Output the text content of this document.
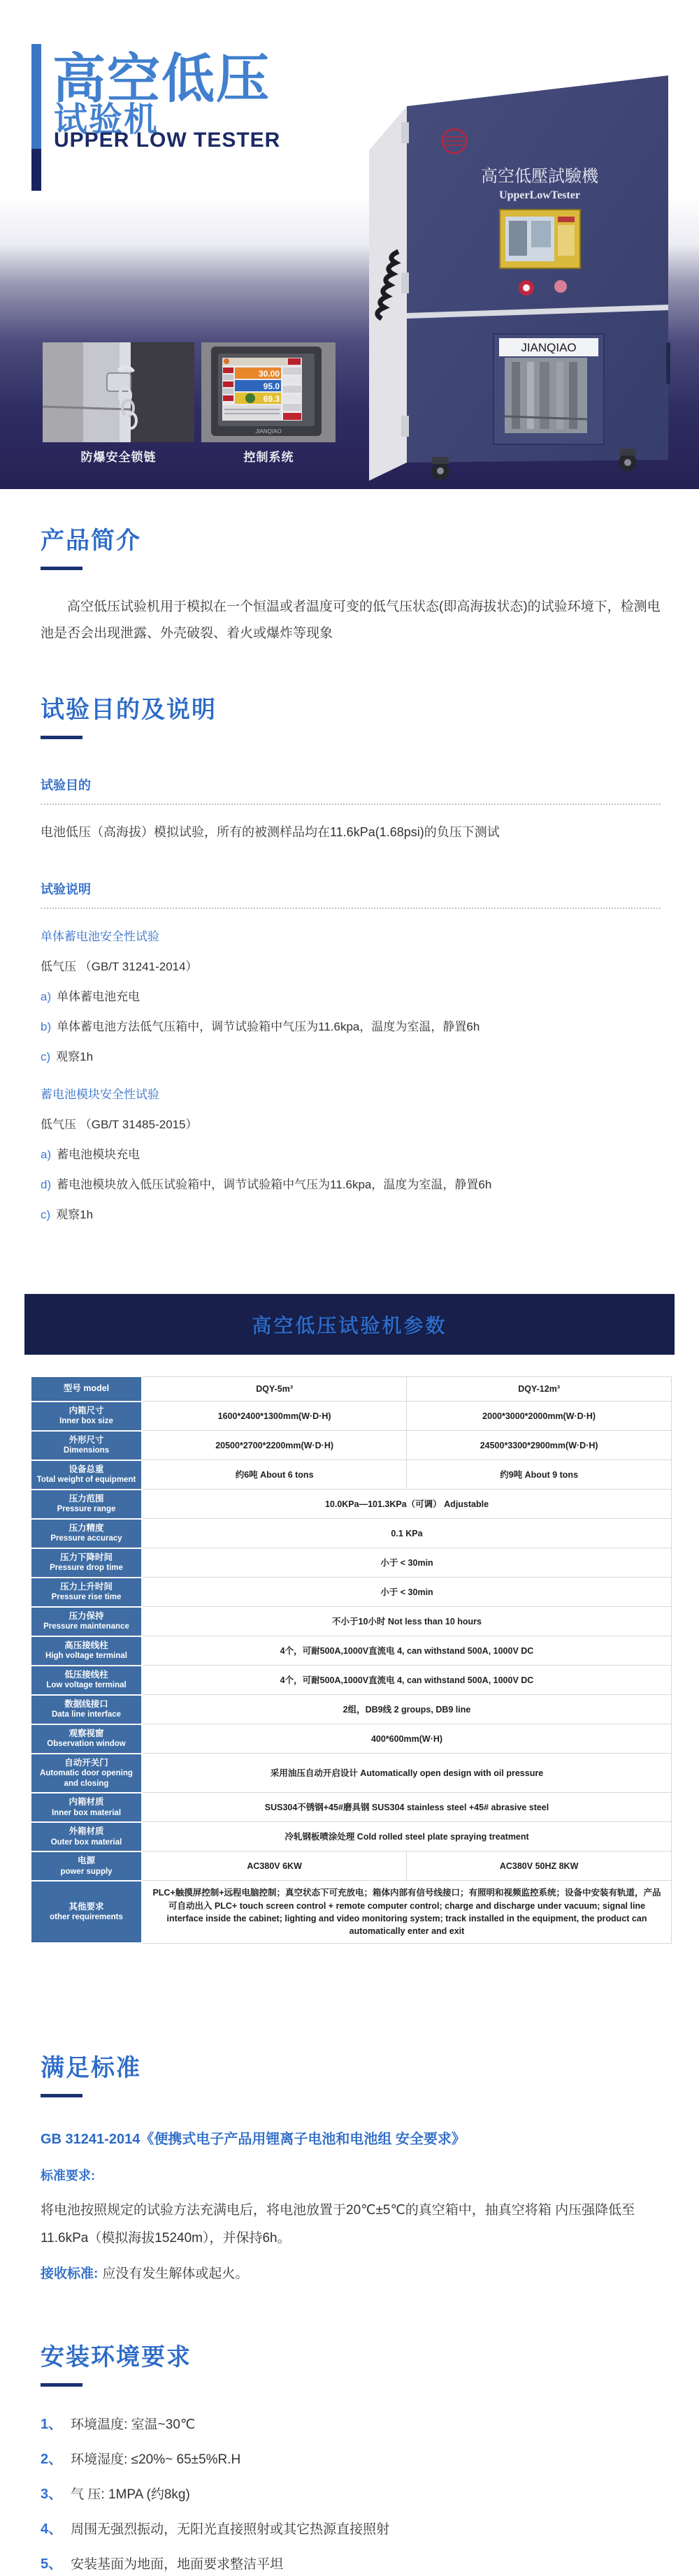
高空低压
试验机
UPPER LOW TESTER
高空低壓試驗機
UpperLowTester
JIANQIAO
30.00
95.0
69.3
JIANQIAO
防爆安全锁链	控制系统
产品简介

高空低压试验机用于模拟在一个恒温或者温度可变的低气压状态(即高海拔状态)的试验环境下，检测电池是否会出现泄露、外壳破裂、着火或爆炸等现象

试验目的及说明
试验目的

电池低压（高海拔）模拟试验，所有的被测样品均在11.6kPa(1.68psi)的负压下测试

试验说明
单体蓄电池安全性试验
低气压 （GB/T 31241-2014）
a) 单体蓄电池充电
b) 单体蓄电池方法低气压箱中，调节试验箱中气压为11.6kpa，温度为室温，静置6h
c) 观察1h
蓄电池模块安全性试验
低气压 （GB/T 31485-2015）
a) 蓄电池模块充电
d) 蓄电池模块放入低压试验箱中，调节试验箱中气压为11.6kpa，温度为室温，静置6h
c) 观察1h
高空低压试验机参数
型号 model	DQY-5m³	DQY-12m³
内箱尺寸
Inner box size	1600*2400*1300mm(W·D·H)	2000*3000*2000mm(W·D·H)
外形尺寸
Dimensions	20500*2700*2200mm(W·D·H)	24500*3300*2900mm(W·D·H)
设备总重
Total weight of equipment	约6吨 About 6 tons	约9吨 About 9 tons
压力范围
Pressure range	10.0KPa—101.3KPa（可调） Adjustable	
压力精度
Pressure accuracy	0.1 KPa	
压力下降时间
Pressure drop time	小于 < 30min	
压力上升时间
Pressure rise time	小于 < 30min	
压力保持
Pressure maintenance	不小于10小时 Not less than 10 hours	
高压接线柱
High voltage terminal	4个，可耐500A,1000V直流电 4, can withstand 500A, 1000V DC	
低压接线柱
Low voltage terminal	4个，可耐500A,1000V直流电 4, can withstand 500A, 1000V DC	
数据线接口
Data line interface	2组，DB9线 2 groups, DB9 line	
观察视窗
Observation window	400*600mm(W·H)	
自动开关门
Automatic door opening and closing	采用油压自动开启设计 Automatically open design with oil pressure	
内箱材质
Inner box material	SUS304不锈钢+45#磨具钢 SUS304 stainless steel +45# abrasive steel	
外箱材质
Outer box material	冷轧钢板喷涂处理 Cold rolled steel plate spraying treatment	
电源
power supply	AC380V 6KW	AC380V 50HZ 8KW
其他要求
other requirements	PLC+触摸屏控制+远程电脑控制；真空状态下可充放电；箱体内部有信号线接口；有照明和视频监控系统；设备中安装有轨道，产品可自动出入 PLC+ touch screen control + remote computer control; charge and discharge under vacuum; signal line interface inside the cabinet; lighting and video monitoring system; track installed in the equipment, the product can automatically enter and exit	
满足标准
GB 31241-2014《便携式电子产品用锂离子电池和电池组 安全要求》
标准要求:

将电池按照规定的试验方法充满电后，将电池放置于20℃±5℃的真空箱中，抽真空将箱 内压强降低至 11.6kPa（模拟海拔15240m），并保持6h。

接收标准: 应没有发生解体或起火。

安装环境要求
1、 环境温度: 室温~30℃
2、 环境湿度: ≤20%~ 65±5%R.H
3、 气 压: 1MPA (约8kg)
4、 周围无强烈振动，无阳光直接照射或其它热源直接照射
5、 安装基面为地面，地面要求整洁平坦
